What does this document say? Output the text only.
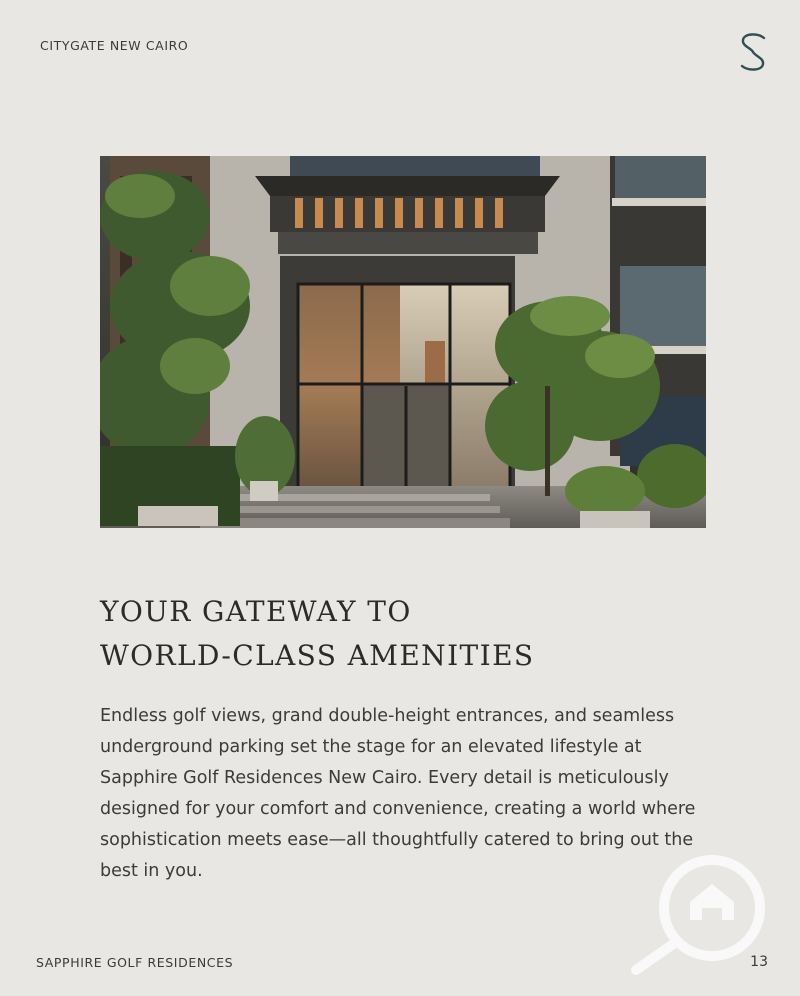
CITYGATE NEW CAIRO
YOUR GATEWAY TO
WORLD-CLASS AMENITIES

Endless golf views, grand double-height entrances, and seamless underground parking set the stage for an elevated lifestyle at Sapphire Golf Residences New Cairo. Every detail is meticulously designed for your comfort and convenience, creating a world where sophistication meets ease—all thoughtfully catered to bring out the best in you.

SAPPHIRE GOLF RESIDENCES	13
